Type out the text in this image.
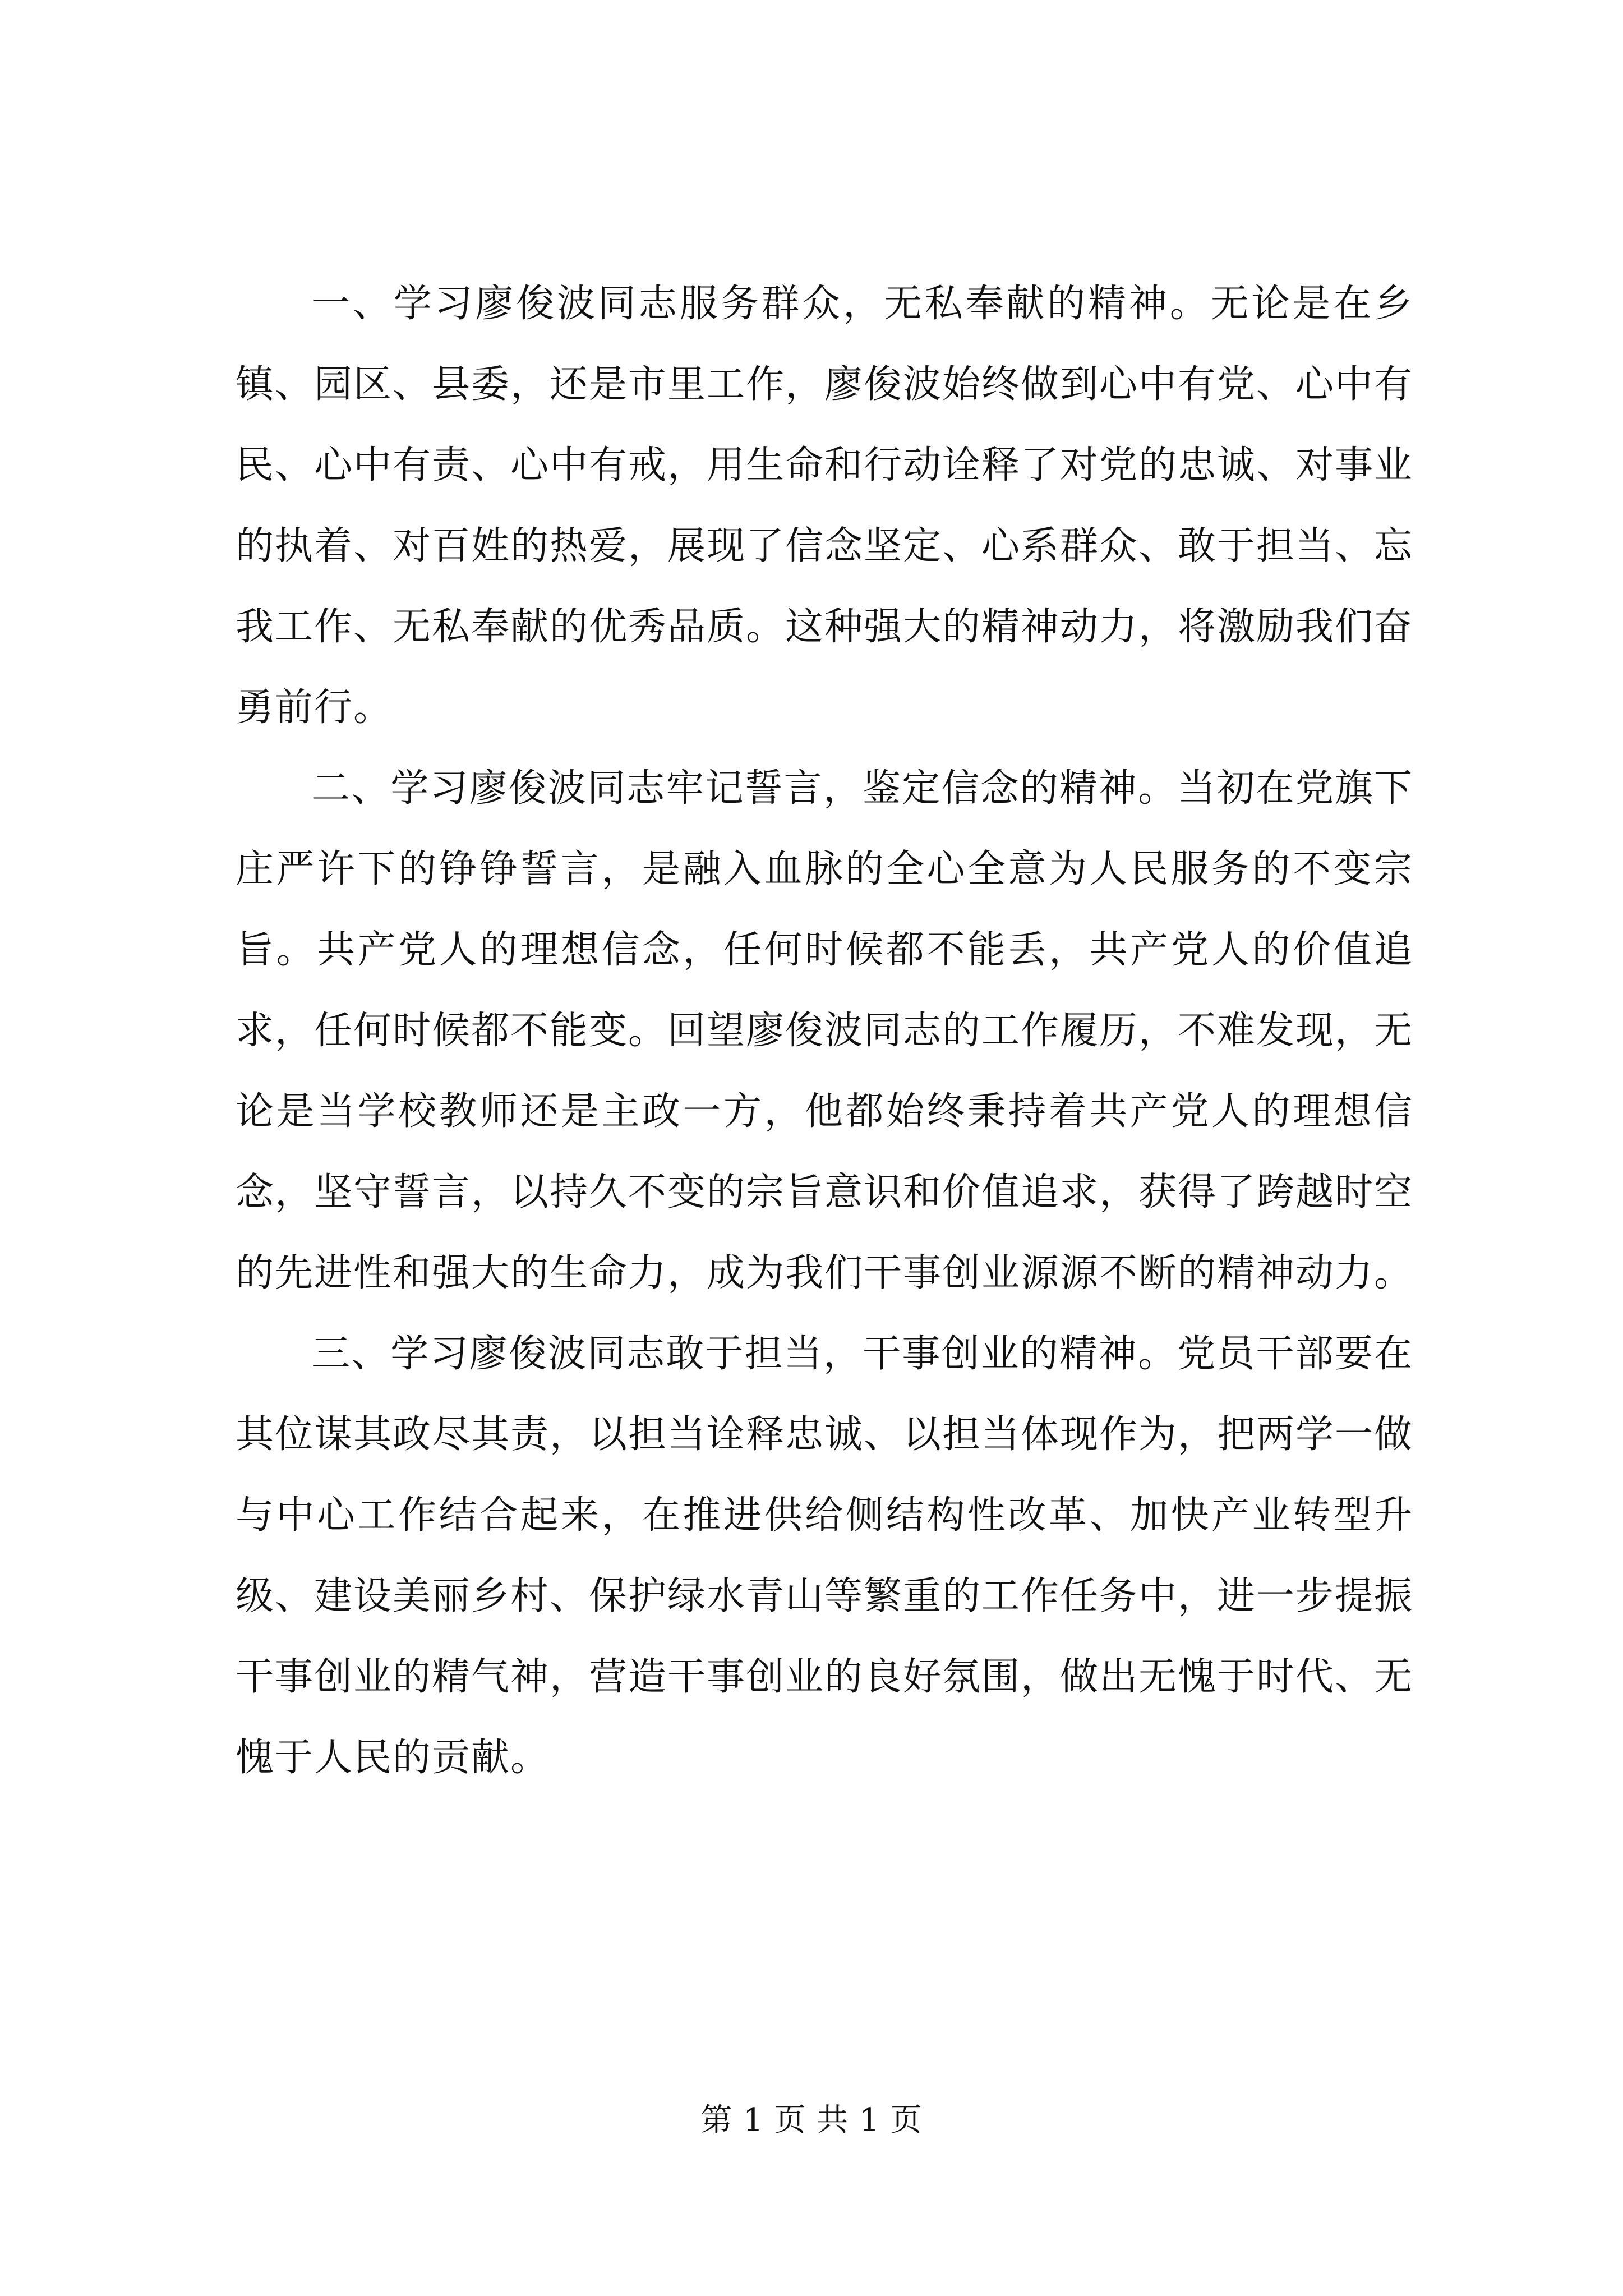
一、学习廖俊波同志服务群众，无私奉献的精神。无论是在乡镇、园区、县委，还是市里工作，廖俊波始终做到心中有党、心中有民、心中有责、心中有戒，用生命和行动诠释了对党的忠诚、对事业的执着、对百姓的热爱，展现了信念坚定、心系群众、敢于担当、忘我工作、无私奉献的优秀品质。这种强大的精神动力，将激励我们奋勇前行。

二、学习廖俊波同志牢记誓言，鉴定信念的精神。当初在党旗下庄严许下的铮铮誓言，是融入血脉的全心全意为人民服务的不变宗旨。共产党人的理想信念，任何时候都不能丢，共产党人的价值追求，任何时候都不能变。回望廖俊波同志的工作履历，不难发现，无论是当学校教师还是主政一方，他都始终秉持着共产党人的理想信念，坚守誓言，以持久不变的宗旨意识和价值追求，获得了跨越时空的先进性和强大的生命力，成为我们干事创业源源不断的精神动力。

三、学习廖俊波同志敢于担当，干事创业的精神。党员干部要在其位谋其政尽其责，以担当诠释忠诚、以担当体现作为，把两学一做与中心工作结合起来，在推进供给侧结构性改革、加快产业转型升级、建设美丽乡村、保护绿水青山等繁重的工作任务中，进一步提振干事创业的精气神，营造干事创业的良好氛围，做出无愧于时代、无愧于人民的贡献。

第 1 页 共 1 页
